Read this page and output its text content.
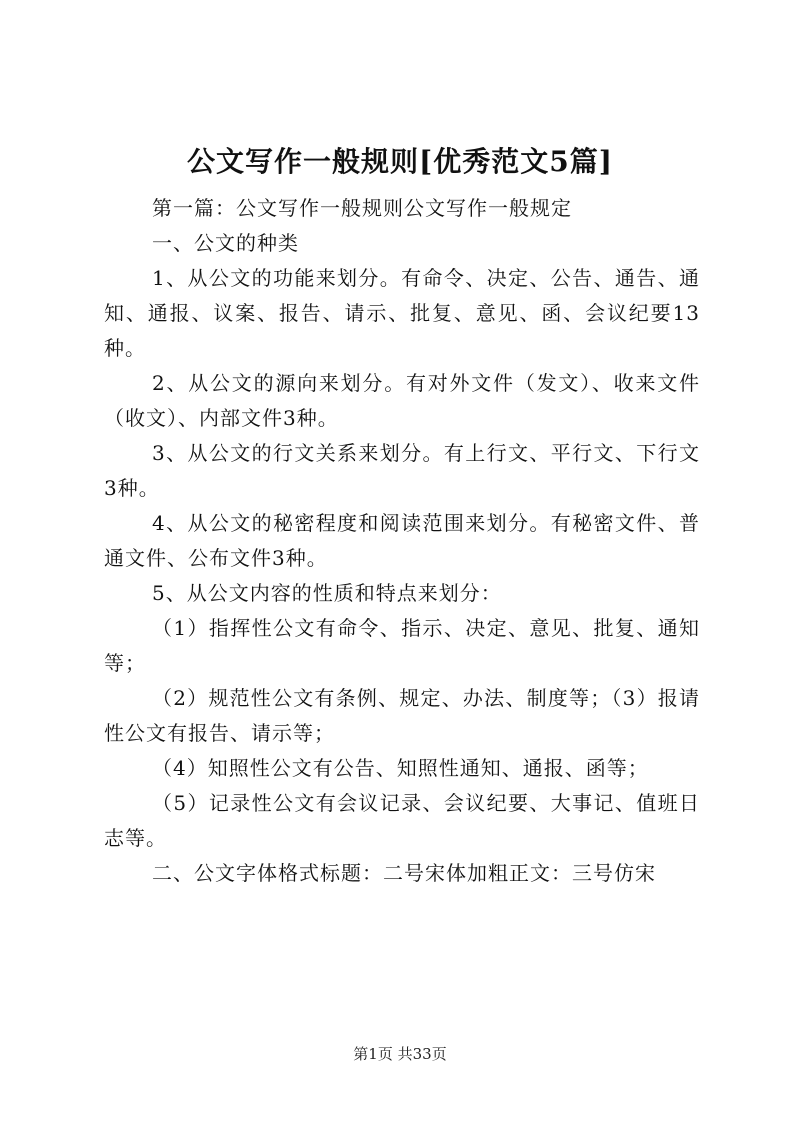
公文写作一般规则[优秀范文5篇]

第一篇：公文写作一般规则公文写作一般规定

一、公文的种类

1、从公文的功能来划分。有命令、决定、公告、通告、通知、通报、议案、报告、请示、批复、意见、函、会议纪要13种。

2、从公文的源向来划分。有对外文件（发文）、收来文件（收文）、内部文件3种。

3、从公文的行文关系来划分。有上行文、平行文、下行文3种。

4、从公文的秘密程度和阅读范围来划分。有秘密文件、普通文件、公布文件3种。

5、从公文内容的性质和特点来划分：

（1）指挥性公文有命令、指示、决定、意见、批复、通知等；

（2）规范性公文有条例、规定、办法、制度等；（3）报请性公文有报告、请示等；

（4）知照性公文有公告、知照性通知、通报、函等；

（5）记录性公文有会议记录、会议纪要、大事记、值班日志等。

二、公文字体格式标题：二号宋体加粗正文：三号仿宋

第1页 共33页
